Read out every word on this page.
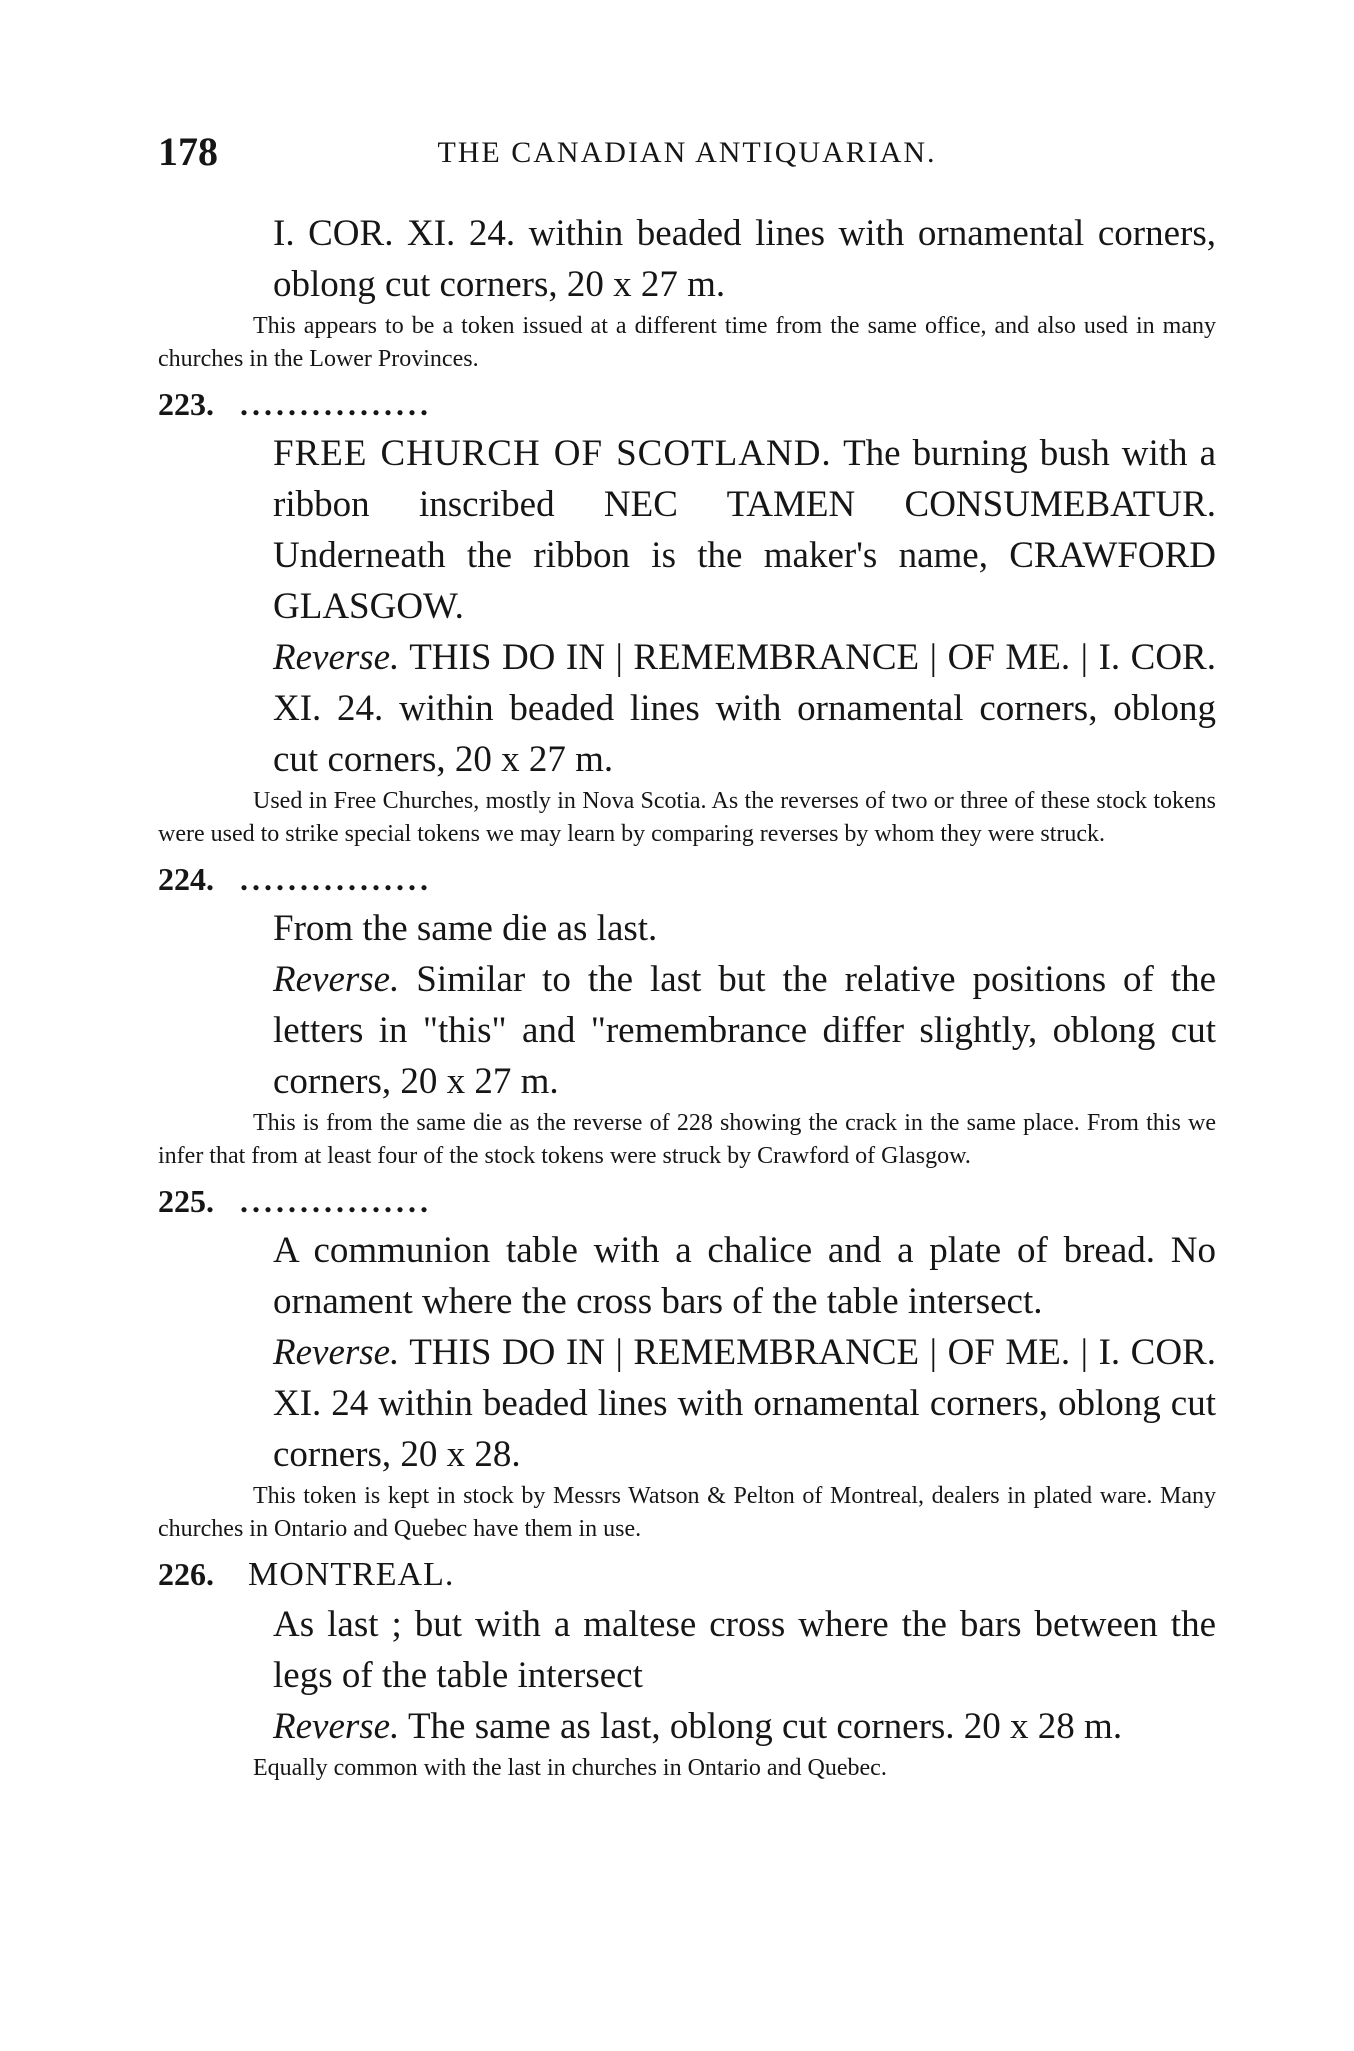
178	THE CANADIAN ANTIQUARIAN.

I. COR. XI. 24. within beaded lines with ornamental corners, oblong cut corners, 20 x 27 m.

This appears to be a token issued at a different time from the same office, and also used in many churches in the Lower Provinces.

223. ................

FREE CHURCH OF SCOTLAND. The burning bush with a ribbon inscribed NEC TAMEN CONSUMEBATUR. Underneath the ribbon is the maker's name, CRAWFORD GLASGOW.

Reverse. THIS DO IN | REMEMBRANCE | OF ME. | I. COR. XI. 24. within beaded lines with ornamental corners, oblong cut corners, 20 x 27 m.

Used in Free Churches, mostly in Nova Scotia. As the reverses of two or three of these stock tokens were used to strike special tokens we may learn by comparing reverses by whom they were struck.

224. ................

From the same die as last.

Reverse. Similar to the last but the relative positions of the letters in "this" and "remembrance differ slightly, oblong cut corners, 20 x 27 m.

This is from the same die as the reverse of 228 showing the crack in the same place. From this we infer that from at least four of the stock tokens were struck by Crawford of Glasgow.

225. ................

A communion table with a chalice and a plate of bread. No ornament where the cross bars of the table intersect.

Reverse. THIS DO IN | REMEMBRANCE | OF ME. | I. COR. XI. 24 within beaded lines with ornamental corners, oblong cut corners, 20 x 28.

This token is kept in stock by Messrs Watson & Pelton of Montreal, dealers in plated ware. Many churches in Ontario and Quebec have them in use.

226. MONTREAL.

As last ; but with a maltese cross where the bars between the legs of the table intersect

Reverse. The same as last, oblong cut corners. 20 x 28 m.

Equally common with the last in churches in Ontario and Quebec.
